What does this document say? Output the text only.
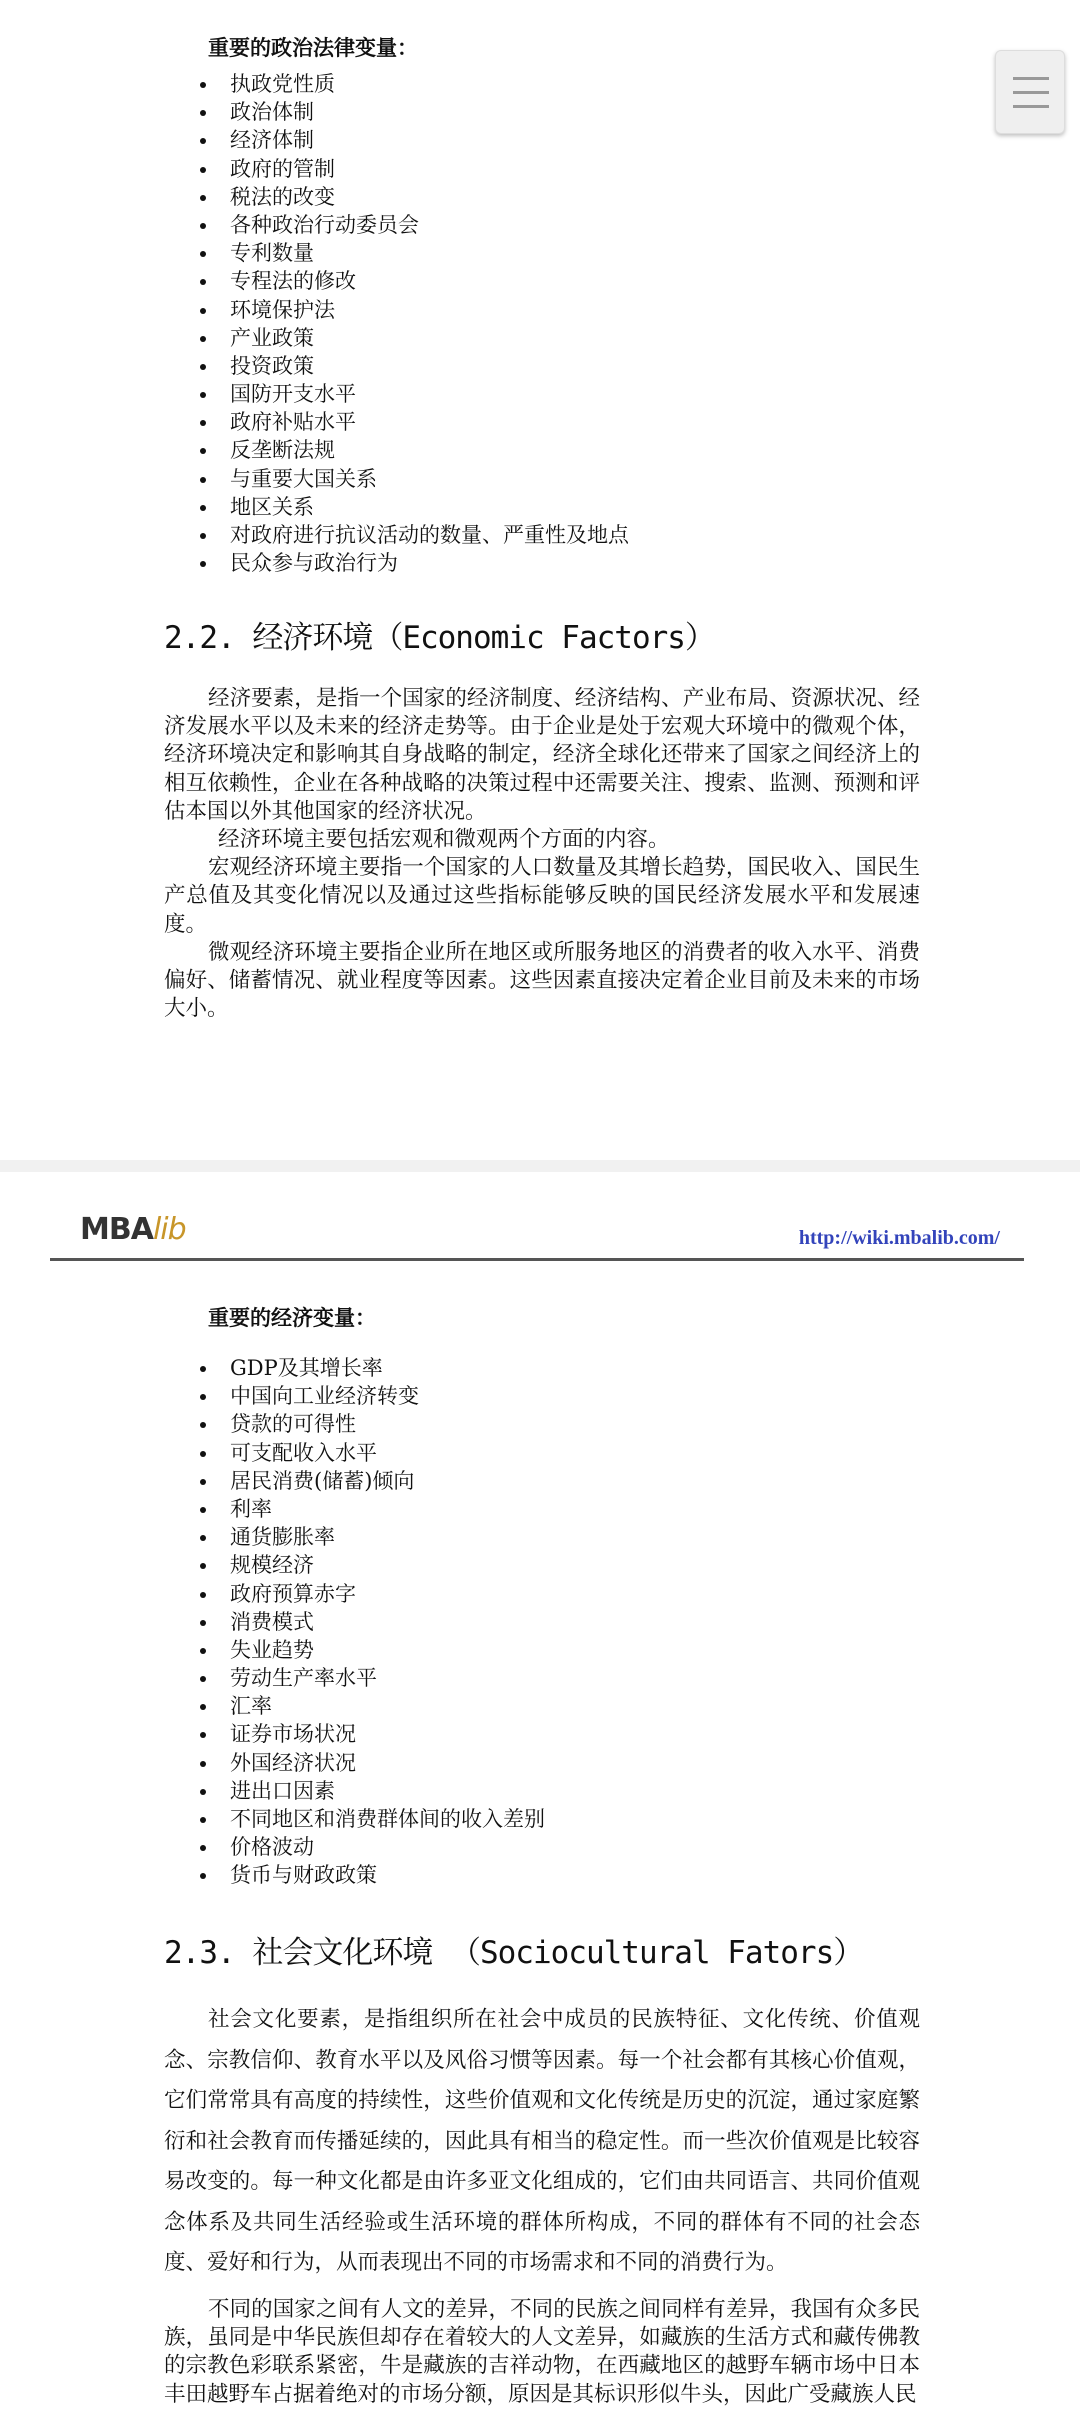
重要的政治法律变量：
执政党性质
政治体制
经济体制
政府的管制
税法的改变
各种政治行动委员会
专利数量
专程法的修改
环境保护法
产业政策
投资政策
国防开支水平
政府补贴水平
反垄断法规
与重要大国关系
地区关系
对政府进行抗议活动的数量、严重性及地点
民众参与政治行为
2.2. 经济环境（Economic Factors）

经济要素，是指一个国家的经济制度、经济结构、产业布局、资源状况、经济发展水平以及未来的经济走势等。由于企业是处于宏观大环境中的微观个体，经济环境决定和影响其自身战略的制定，经济全球化还带来了国家之间经济上的相互依赖性，企业在各种战略的决策过程中还需要关注、搜索、监测、预测和评估本国以外其他国家的经济状况。

经济环境主要包括宏观和微观两个方面的内容。

宏观经济环境主要指一个国家的人口数量及其增长趋势，国民收入、国民生产总值及其变化情况以及通过这些指标能够反映的国民经济发展水平和发展速度。

微观经济环境主要指企业所在地区或所服务地区的消费者的收入水平、消费偏好、储蓄情况、就业程度等因素。这些因素直接决定着企业目前及未来的市场大小。

MBAlib	http://wiki.mbalib.com/
重要的经济变量：
GDP及其增长率
中国向工业经济转变
贷款的可得性
可支配收入水平
居民消费(储蓄)倾向
利率
通货膨胀率
规模经济
政府预算赤字
消费模式
失业趋势
劳动生产率水平
汇率
证券市场状况
外国经济状况
进出口因素
不同地区和消费群体间的收入差别
价格波动
货币与财政政策
2.3. 社会文化环境 （Sociocultural Fators）

社会文化要素，是指组织所在社会中成员的民族特征、文化传统、价值观念、宗教信仰、教育水平以及风俗习惯等因素。每一个社会都有其核心价值观，它们常常具有高度的持续性，这些价值观和文化传统是历史的沉淀，通过家庭繁衍和社会教育而传播延续的，因此具有相当的稳定性。而一些次价值观是比较容易改变的。每一种文化都是由许多亚文化组成的，它们由共同语言、共同价值观念体系及共同生活经验或生活环境的群体所构成，不同的群体有不同的社会态度、爱好和行为，从而表现出不同的市场需求和不同的消费行为。

不同的国家之间有人文的差异，不同的民族之间同样有差异，我国有众多民族，虽同是中华民族但却存在着较大的人文差异，如藏族的生活方式和藏传佛教的宗教色彩联系紧密，牛是藏族的吉祥动物，在西藏地区的越野车辆市场中日本丰田越野车占据着绝对的市场分额，原因是其标识形似牛头，因此广受藏族人民
